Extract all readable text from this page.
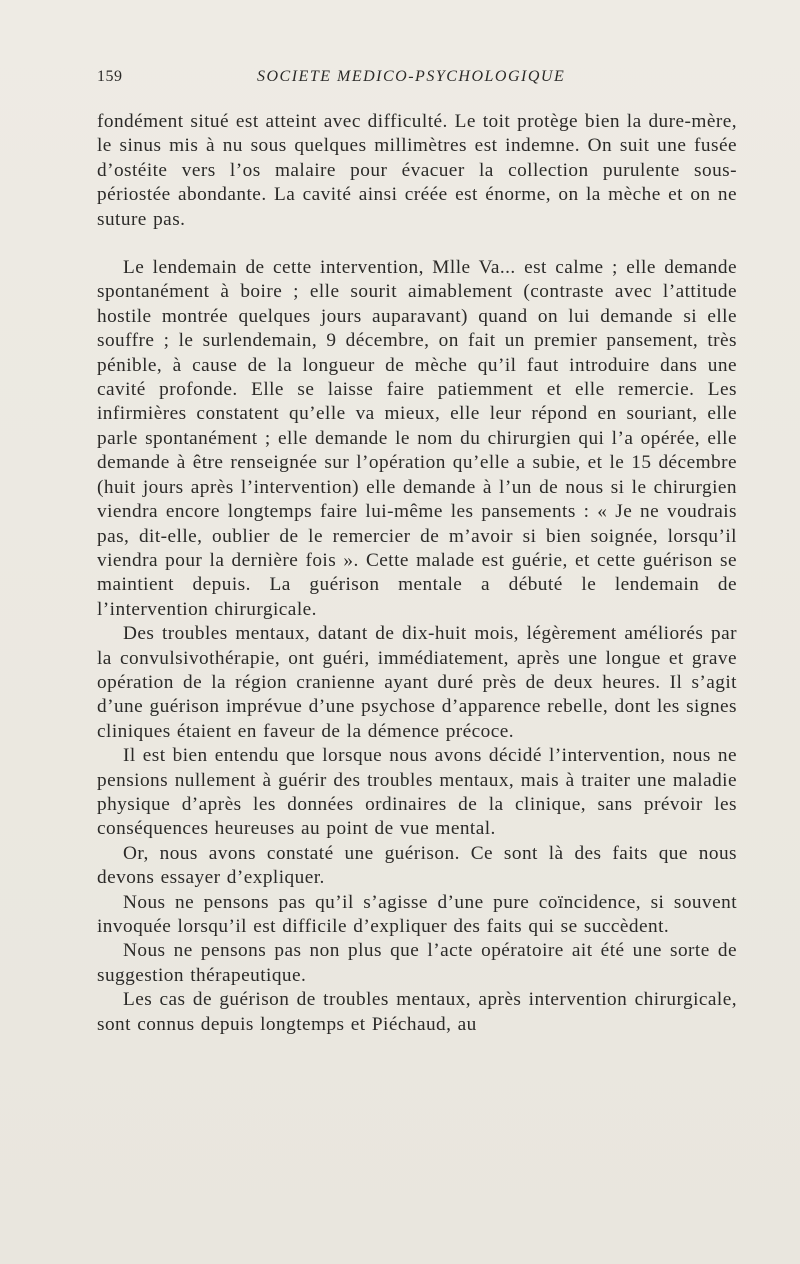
159	SOCIETE MEDICO-PSYCHOLOGIQUE

fondément situé est atteint avec difficulté. Le toit protège bien la dure-mère, le sinus mis à nu sous quelques millimètres est indemne. On suit une fusée d’ostéite vers l’os malaire pour évacuer la collection purulente sous-périostée abondante. La cavité ainsi créée est énorme, on la mèche et on ne suture pas.

Le lendemain de cette intervention, Mlle Va... est calme ; elle demande spontanément à boire ; elle sourit aimablement (contraste avec l’attitude hostile montrée quelques jours auparavant) quand on lui demande si elle souffre ; le surlendemain, 9 décembre, on fait un premier pansement, très pénible, à cause de la longueur de mèche qu’il faut introduire dans une cavité profonde. Elle se laisse faire patiemment et elle remercie. Les infirmières constatent qu’elle va mieux, elle leur répond en souriant, elle parle spontanément ; elle demande le nom du chirurgien qui l’a opérée, elle demande à être renseignée sur l’opération qu’elle a subie, et le 15 décembre (huit jours après l’intervention) elle demande à l’un de nous si le chirurgien viendra encore longtemps faire lui-même les pansements : « Je ne voudrais pas, dit-elle, oublier de le remercier de m’avoir si bien soignée, lorsqu’il viendra pour la dernière fois ». Cette malade est guérie, et cette guérison se maintient depuis. La guérison mentale a débuté le lendemain de l’intervention chirurgicale.

Des troubles mentaux, datant de dix-huit mois, légèrement améliorés par la convulsivothérapie, ont guéri, immédiatement, après une longue et grave opération de la région cranienne ayant duré près de deux heures. Il s’agit d’une guérison imprévue d’une psychose d’apparence rebelle, dont les signes cliniques étaient en faveur de la démence précoce.

Il est bien entendu que lorsque nous avons décidé l’intervention, nous ne pensions nullement à guérir des troubles mentaux, mais à traiter une maladie physique d’après les données ordinaires de la clinique, sans prévoir les conséquences heureuses au point de vue mental.

Or, nous avons constaté une guérison. Ce sont là des faits que nous devons essayer d’expliquer.

Nous ne pensons pas qu’il s’agisse d’une pure coïncidence, si souvent invoquée lorsqu’il est difficile d’expliquer des faits qui se succèdent.

Nous ne pensons pas non plus que l’acte opératoire ait été une sorte de suggestion thérapeutique.

Les cas de guérison de troubles mentaux, après intervention chirurgicale, sont connus depuis longtemps et Piéchaud, au
